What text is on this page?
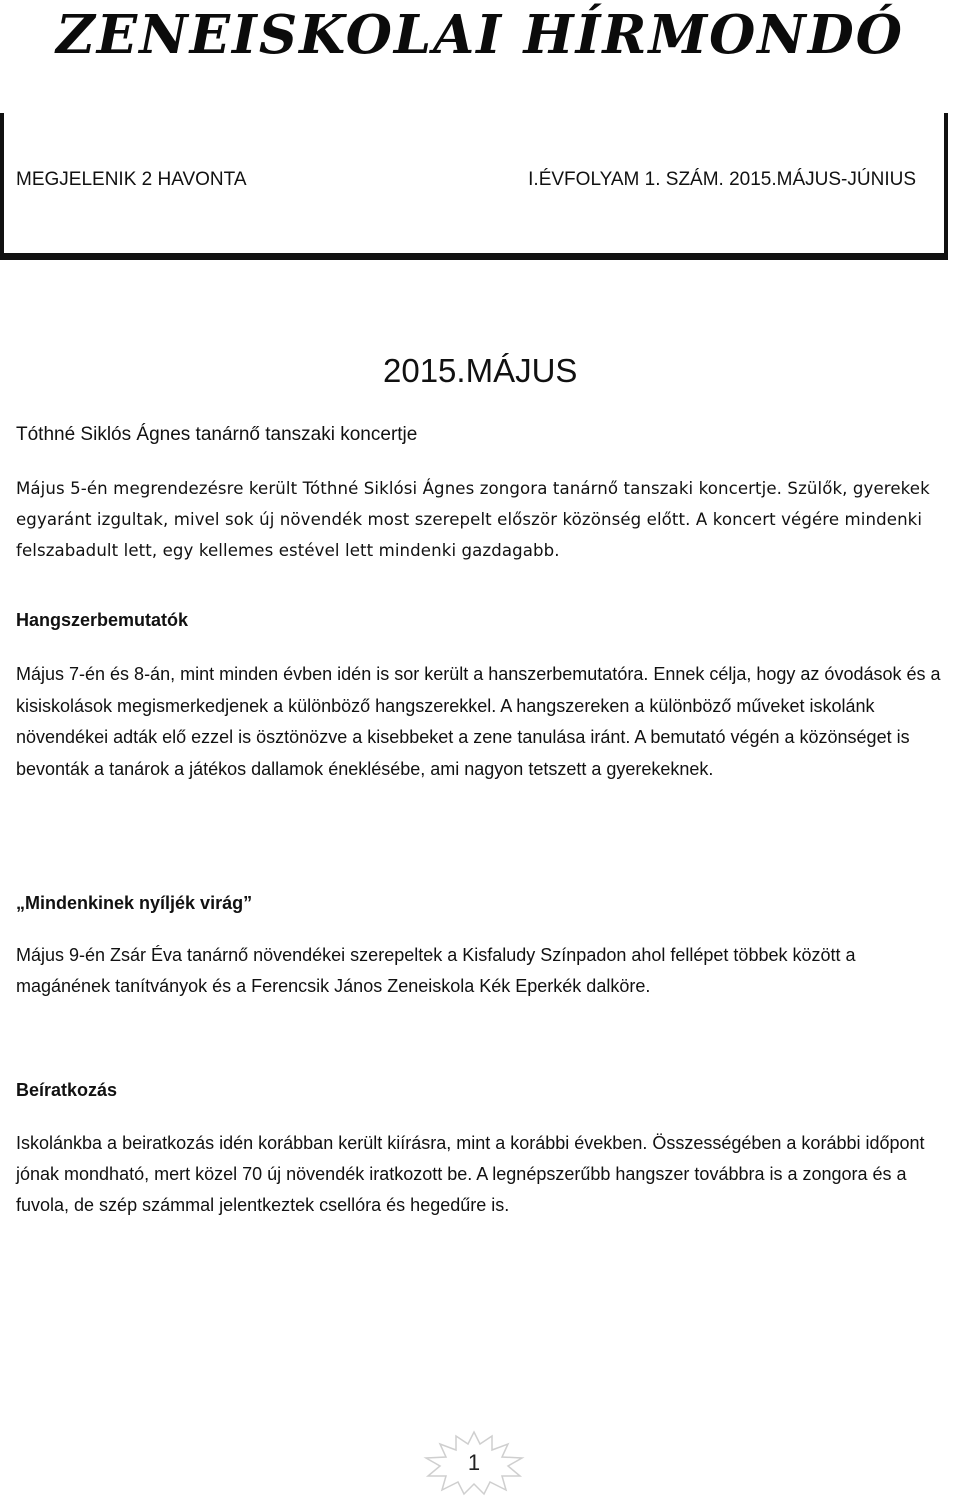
ZENEISKOLAI HÍRMONDÓ
MEGJELENIK 2 HAVONTA	I.ÉVFOLYAM 1. SZÁM. 2015.MÁJUS-JÚNIUS
2015.MÁJUS
Tóthné Siklós Ágnes tanárnő tanszaki koncertje
Május 5-én megrendezésre került Tóthné Siklósi Ágnes zongora tanárnő tanszaki koncertje. Szülők, gyerekek egyaránt izgultak, mivel sok új növendék most szerepelt először közönség előtt. A koncert végére mindenki felszabadult lett, egy kellemes estével lett mindenki gazdagabb.
Hangszerbemutatók
Május 7-én és 8-án, mint minden évben idén is sor került a hanszerbemutatóra. Ennek célja, hogy az óvodások és a kisiskolások megismerkedjenek a különböző hangszerekkel. A hangszereken a különböző műveket iskolánk növendékei adták elő ezzel is ösztönözve a kisebbeket a zene tanulása iránt. A bemutató végén a közönséget is bevonták a tanárok a játékos dallamok éneklésébe, ami nagyon tetszett a gyerekeknek.
„Mindenkinek nyíljék virág”
Május 9-én Zsár Éva tanárnő növendékei szerepeltek a Kisfaludy Színpadon ahol fellépet többek között a magánének tanítványok és a Ferencsik János Zeneiskola Kék Eperkék dalköre.
Beíratkozás
Iskolánkba a beiratkozás idén korábban került kiírásra, mint a korábbi években. Összességében a korábbi időpont jónak mondható, mert közel 70 új növendék iratkozott be. A legnépszerűbb hangszer továbbra is a zongora és a fuvola, de szép számmal jelentkeztek csellóra és hegedűre is.
1
